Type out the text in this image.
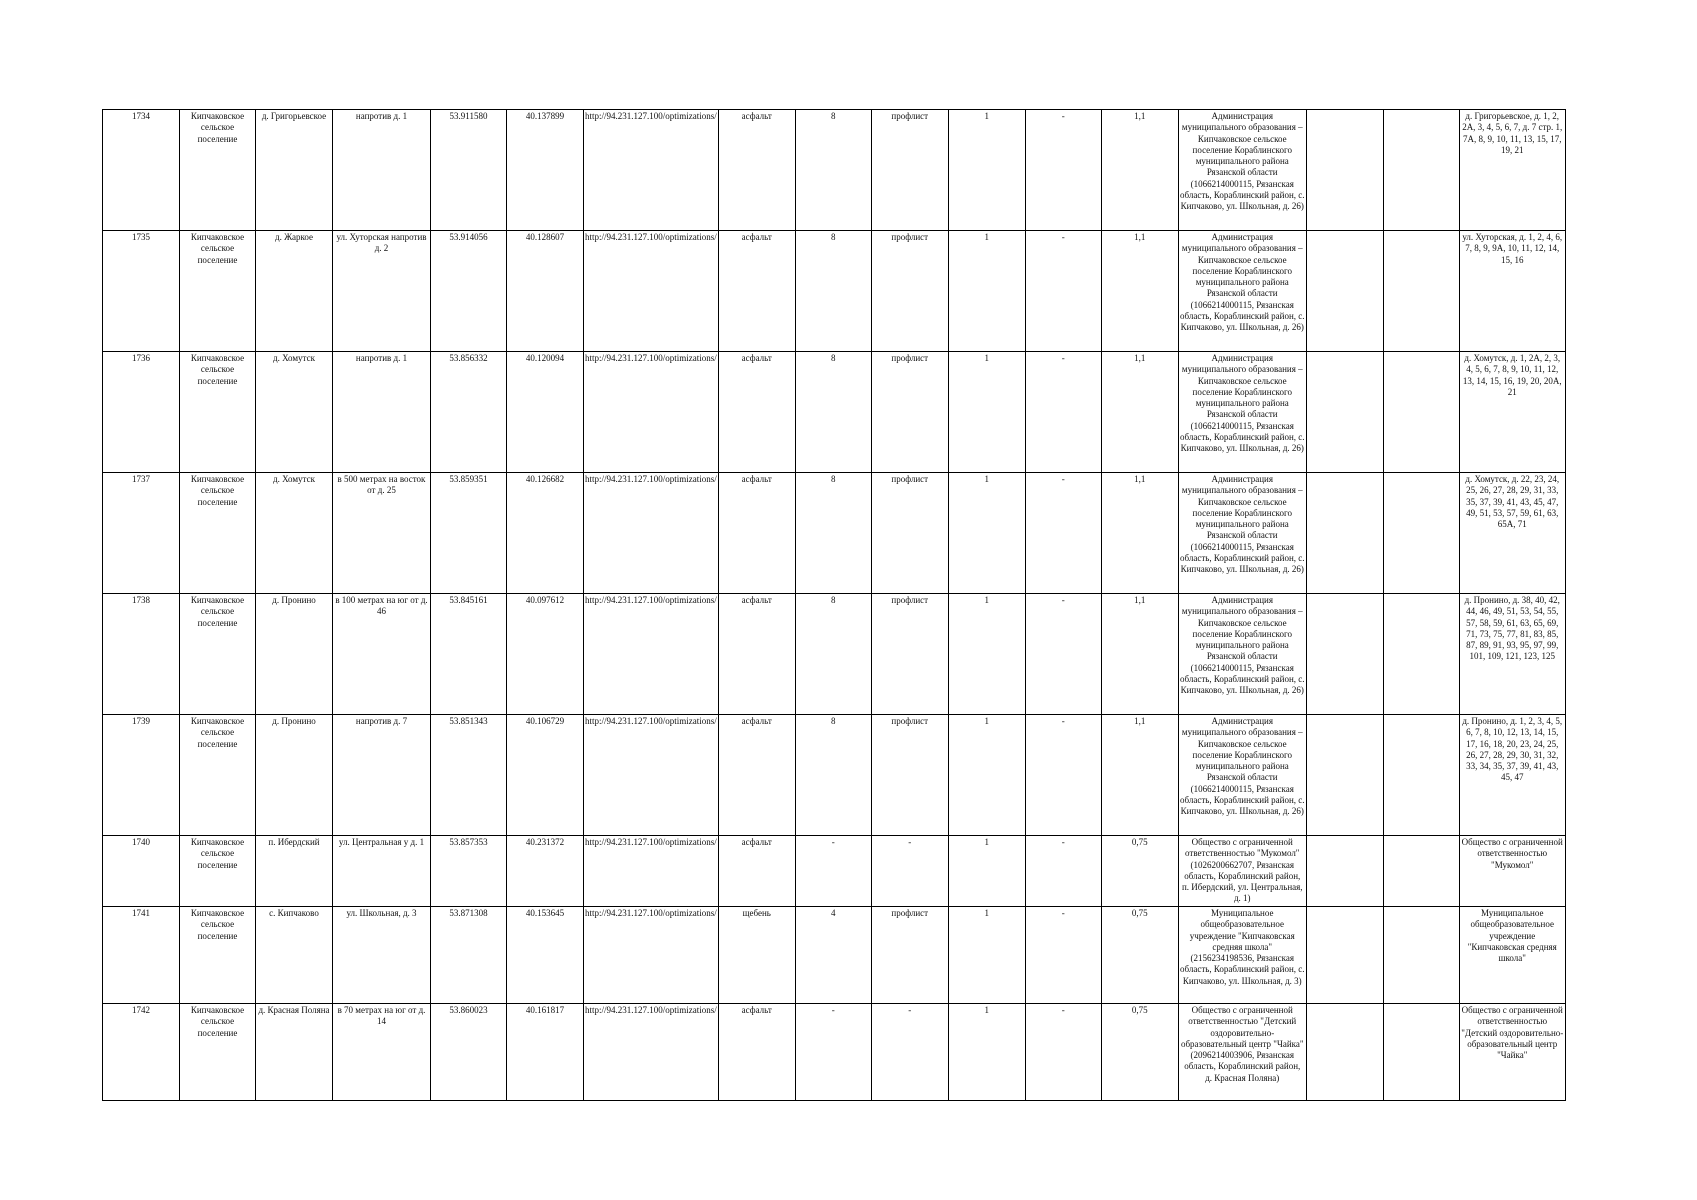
1734	Кипчаковское сельское поселение	д. Григорьевское	напротив д. 1	53.911580	40.137899	http://94.231.127.100/optimizations/	асфальт	8	профлист	1	-	1,1	Администрация муниципального образования – Кипчаковское сельское поселение Кораблинского муниципального района Рязанской области (1066214000115, Рязанская область, Кораблинский район, с. Кипчаково, ул. Школьная, д. 26)			д. Григорьевское, д. 1, 2, 2А, 3, 4, 5, 6, 7, д. 7 стр. 1, 7А, 8, 9, 10, 11, 13, 15, 17, 19, 21
1735	Кипчаковское сельское поселение	д. Жаркое	ул. Хуторская напротив д. 2	53.914056	40.128607	http://94.231.127.100/optimizations/	асфальт	8	профлист	1	-	1,1	Администрация муниципального образования – Кипчаковское сельское поселение Кораблинского муниципального района Рязанской области (1066214000115, Рязанская область, Кораблинский район, с. Кипчаково, ул. Школьная, д. 26)			ул. Хуторская, д. 1, 2, 4, 6, 7, 8, 9, 9А, 10, 11, 12, 14, 15, 16
1736	Кипчаковское сельское поселение	д. Хомутск	напротив д. 1	53.856332	40.120094	http://94.231.127.100/optimizations/	асфальт	8	профлист	1	-	1,1	Администрация муниципального образования – Кипчаковское сельское поселение Кораблинского муниципального района Рязанской области (1066214000115, Рязанская область, Кораблинский район, с. Кипчаково, ул. Школьная, д. 26)			д. Хомутск, д. 1, 2А, 2, 3, 4, 5, 6, 7, 8, 9, 10, 11, 12, 13, 14, 15, 16, 19, 20, 20А, 21
1737	Кипчаковское сельское поселение	д. Хомутск	в 500 метрах на восток от д. 25	53.859351	40.126682	http://94.231.127.100/optimizations/	асфальт	8	профлист	1	-	1,1	Администрация муниципального образования – Кипчаковское сельское поселение Кораблинского муниципального района Рязанской области (1066214000115, Рязанская область, Кораблинский район, с. Кипчаково, ул. Школьная, д. 26)			д. Хомутск, д. 22, 23, 24, 25, 26, 27, 28, 29, 31, 33, 35, 37, 39, 41, 43, 45, 47, 49, 51, 53, 57, 59, 61, 63, 65А, 71
1738	Кипчаковское сельское поселение	д. Пронино	в 100 метрах на юг от д. 46	53.845161	40.097612	http://94.231.127.100/optimizations/	асфальт	8	профлист	1	-	1,1	Администрация муниципального образования – Кипчаковское сельское поселение Кораблинского муниципального района Рязанской области (1066214000115, Рязанская область, Кораблинский район, с. Кипчаково, ул. Школьная, д. 26)			д. Пронино, д. 38, 40, 42, 44, 46, 49, 51, 53, 54, 55, 57, 58, 59, 61, 63, 65, 69, 71, 73, 75, 77, 81, 83, 85, 87, 89, 91, 93, 95, 97, 99, 101, 109, 121, 123, 125
1739	Кипчаковское сельское поселение	д. Пронино	напротив д. 7	53.851343	40.106729	http://94.231.127.100/optimizations/	асфальт	8	профлист	1	-	1,1	Администрация муниципального образования – Кипчаковское сельское поселение Кораблинского муниципального района Рязанской области (1066214000115, Рязанская область, Кораблинский район, с. Кипчаково, ул. Школьная, д. 26)			д. Пронино, д. 1, 2, 3, 4, 5, 6, 7, 8, 10, 12, 13, 14, 15, 17, 16, 18, 20, 23, 24, 25, 26, 27, 28, 29, 30, 31, 32, 33, 34, 35, 37, 39, 41, 43, 45, 47
1740	Кипчаковское сельское поселение	п. Ибердский	ул. Центральная у д. 1	53.857353	40.231372	http://94.231.127.100/optimizations/	асфальт	-	-	1	-	0,75	Общество с ограниченной ответственностью "Мукомол" (1026200662707, Рязанская область, Кораблинский район, п. Ибердский, ул. Центральная, д. 1)			Общество с ограниченной ответственностью "Мукомол"
1741	Кипчаковское сельское поселение	с. Кипчаково	ул. Школьная, д. 3	53.871308	40.153645	http://94.231.127.100/optimizations/	щебень	4	профлист	1	-	0,75	Муниципальное общеобразовательное учреждение "Кипчаковская средняя школа" (2156234198536, Рязанская область, Кораблинский район, с. Кипчаково, ул. Школьная, д. 3)			Муниципальное общеобразовательное учреждение "Кипчаковская средняя школа"
1742	Кипчаковское сельское поселение	д. Красная Поляна	в 70 метрах на юг от д. 14	53.860023	40.161817	http://94.231.127.100/optimizations/	асфальт	-	-	1	-	0,75	Общество с ограниченной ответственностью "Детский оздоровительно-образовательный центр "Чайка" (2096214003906, Рязанская область, Кораблинский район, д. Красная Поляна)			Общество с ограниченной ответственностью "Детский оздоровительно-образовательный центр "Чайка"
